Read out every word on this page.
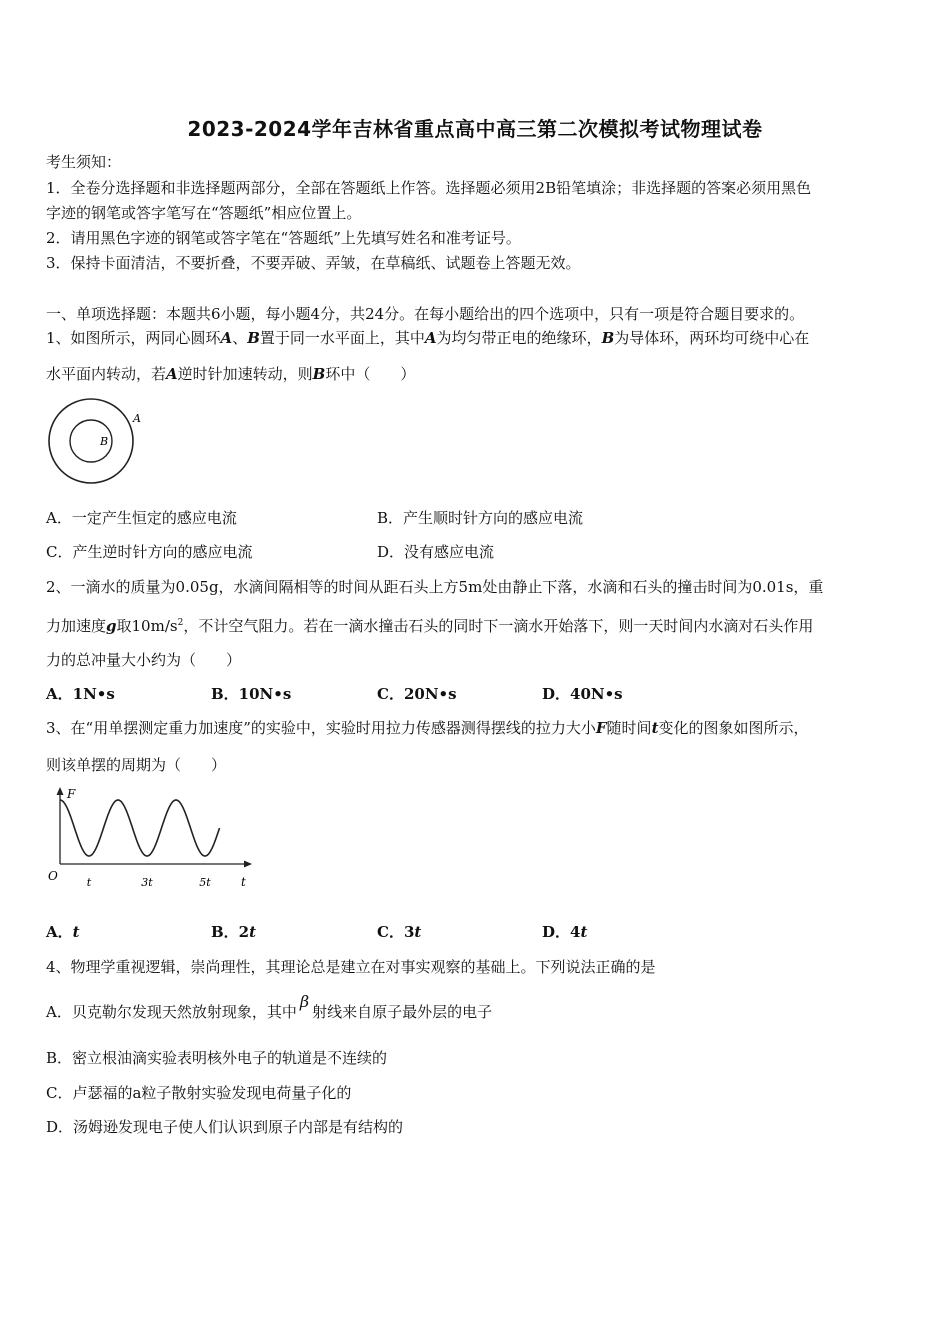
2023-2024学年吉林省重点高中高三第二次模拟考试物理试卷
考生须知：
1．全卷分选择题和非选择题两部分，全部在答题纸上作答。选择题必须用2B铅笔填涂；非选择题的答案必须用黑色
字迹的钢笔或答字笔写在“答题纸”相应位置上。
2．请用黑色字迹的钢笔或答字笔在“答题纸”上先填写姓名和准考证号。
3．保持卡面清洁，不要折叠，不要弄破、弄皱，在草稿纸、试题卷上答题无效。
一、单项选择题：本题共6小题，每小题4分，共24分。在每小题给出的四个选项中，只有一项是符合题目要求的。
1、如图所示，两同心圆环A、B置于同一水平面上，其中A为均匀带正电的绝缘环，B为导体环，两环均可绕中心在
水平面内转动，若A逆时针加速转动，则B环中（　　）
A
B
A．一定产生恒定的感应电流	B．产生顺时针方向的感应电流
C．产生逆时针方向的感应电流	D．没有感应电流
2、一滴水的质量为0.05g，水滴间隔相等的时间从距石头上方5m处由静止下落，水滴和石头的撞击时间为0.01s，重
力加速度g取$10m/s^2$，不计空气阻力。若在一滴水撞击石头的同时下一滴水开始落下，则一天时间内水滴对石头作用
力的总冲量大小约为（　　）
A．1N•s	B．10N•s	C．20N•s	D．40N•s
3、在“用单摆测定重力加速度”的实验中，实验时用拉力传感器测得摆线的拉力大小F随时间t变化的图象如图所示，
则该单摆的周期为（　　）
F
t
O	t	3t	5t
A．t	B．2t	C．3t	D．4t
4、物理学重视逻辑，崇尚理性，其理论总是建立在对事实观察的基础上。下列说法正确的是
A．贝克勒尔发现天然放射现象，其中β射线来自原子最外层的电子
B．密立根油滴实验表明核外电子的轨道是不连续的
C．卢瑟福的a粒子散射实验发现电荷量子化的
D．汤姆逊发现电子使人们认识到原子内部是有结构的
